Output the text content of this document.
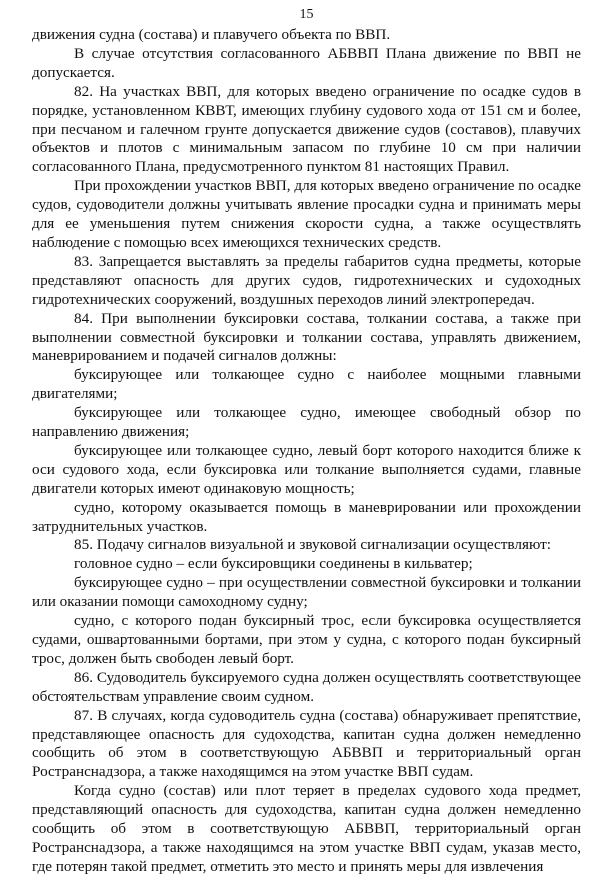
15

движения судна (состава) и плавучего объекта по ВВП.

В случае отсутствия согласованного АБВВП Плана движение по ВВП не допускается.

82. На участках ВВП, для которых введено ограничение по осадке судов в порядке, установленном КВВТ, имеющих глубину судового хода от 151 см и более, при песчаном и галечном грунте допускается движение судов (составов), плавучих объектов и плотов с минимальным запасом по глубине 10 см при наличии согласованного Плана, предусмотренного пунктом 81 настоящих Правил.

При прохождении участков ВВП, для которых введено ограничение по осадке судов, судоводители должны учитывать явление просадки судна и принимать меры для ее уменьшения путем снижения скорости судна, а также осуществлять наблюдение с помощью всех имеющихся технических средств.

83. Запрещается выставлять за пределы габаритов судна предметы, которые представляют опасность для других судов, гидротехнических и судоходных гидротехнических сооружений, воздушных переходов линий электропередач.

84. При выполнении буксировки состава, толкании состава, а также при выполнении совместной буксировки и толкании состава, управлять движением, маневрированием и подачей сигналов должны:

буксирующее или толкающее судно с наиболее мощными главными двигателями;

буксирующее или толкающее судно, имеющее свободный обзор по направлению движения;

буксирующее или толкающее судно, левый борт которого находится ближе к оси судового хода, если буксировка или толкание выполняется судами, главные двигатели которых имеют одинаковую мощность;

судно, которому оказывается помощь в маневрировании или прохождении затруднительных участков.

85. Подачу сигналов визуальной и звуковой сигнализации осуществляют:

головное судно – если буксировщики соединены в кильватер;

буксирующее судно – при осуществлении совместной буксировки и толкании или оказании помощи самоходному судну;

судно, с которого подан буксирный трос, если буксировка осуществляется судами, ошвартованными бортами, при этом у судна, с которого подан буксирный трос, должен быть свободен левый борт.

86. Судоводитель буксируемого судна должен осуществлять соответствующее обстоятельствам управление своим судном.

87. В случаях, когда судоводитель судна (состава) обнаруживает препятствие, представляющее опасность для судоходства, капитан судна должен немедленно сообщить об этом в соответствующую АБВВП и территориальный орган Ространснадзора, а также находящимся на этом участке ВВП судам.

Когда судно (состав) или плот теряет в пределах судового хода предмет, представляющий опасность для судоходства, капитан судна должен немедленно сообщить об этом в соответствующую АБВВП, территориальный орган Ространснадзора, а также находящимся на этом участке ВВП судам, указав место, где потерян такой предмет, отметить это место и принять меры для извлечения
